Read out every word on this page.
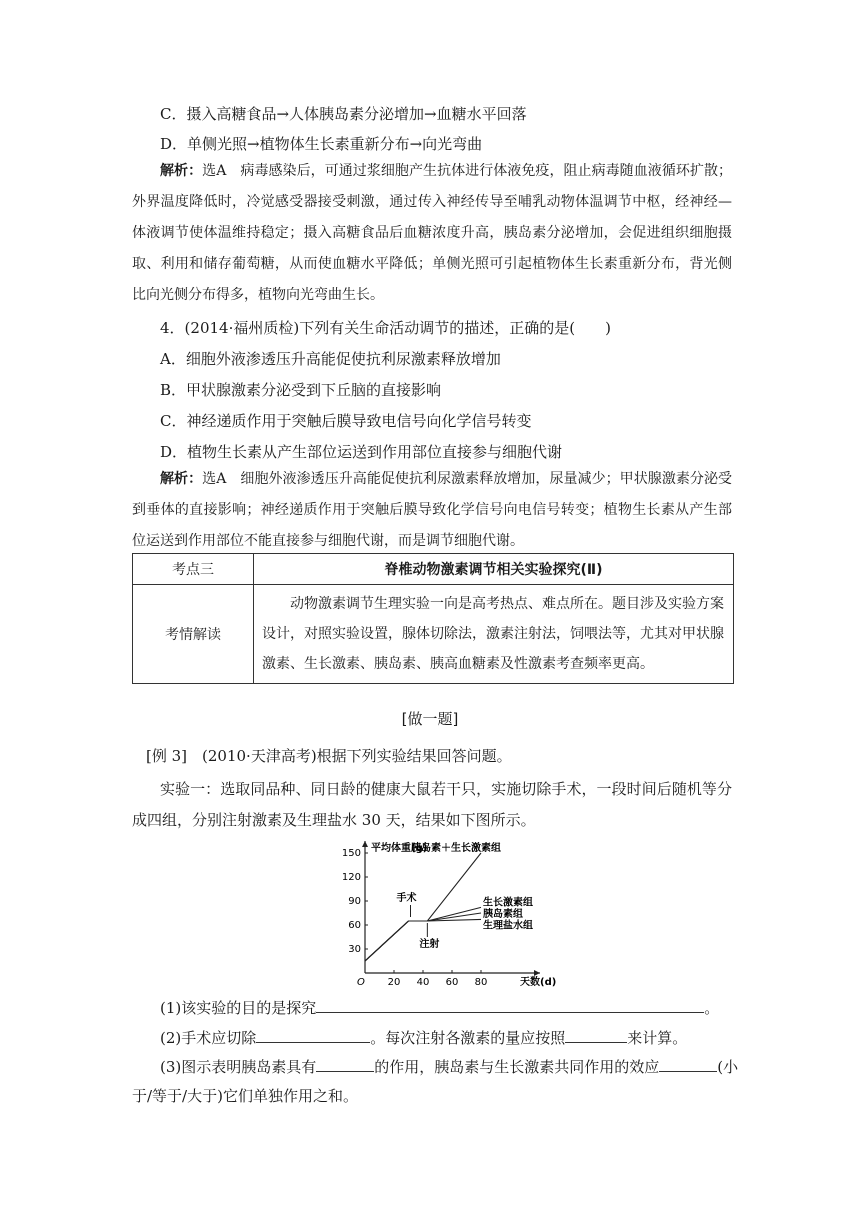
C．摄入高糖食品→人体胰岛素分泌增加→血糖水平回落
D．单侧光照→植物体生长素重新分布→向光弯曲
解析：选A　病毒感染后，可通过浆细胞产生抗体进行体液免疫，阻止病毒随血液循环扩散；外界温度降低时，冷觉感受器接受刺激，通过传入神经传导至哺乳动物体温调节中枢，经神经—体液调节使体温维持稳定；摄入高糖食品后血糖浓度升高，胰岛素分泌增加，会促进组织细胞摄取、利用和储存葡萄糖，从而使血糖水平降低；单侧光照可引起植物体生长素重新分布，背光侧比向光侧分布得多，植物向光弯曲生长。
4．(2014·福州质检)下列有关生命活动调节的描述，正确的是(　　)
A．细胞外液渗透压升高能促使抗利尿激素释放增加
B．甲状腺激素分泌受到下丘脑的直接影响
C．神经递质作用于突触后膜导致电信号向化学信号转变
D．植物生长素从产生部位运送到作用部位直接参与细胞代谢
解析：选A　细胞外液渗透压升高能促使抗利尿激素释放增加，尿量减少；甲状腺激素分泌受到垂体的直接影响；神经递质作用于突触后膜导致化学信号向电信号转变；植物生长素从产生部位运送到作用部位不能直接参与细胞代谢，而是调节细胞代谢。
考点三	脊椎动物激素调节相关实验探究(Ⅱ)
考情解读	动物激素调节生理实验一向是高考热点、难点所在。题目涉及实验方案设计，对照实验设置，腺体切除法，激素注射法，饲喂法等，尤其对甲状腺激素、生长激素、胰岛素、胰高血糖素及性激素考查频率更高。
[做一题]
[例 3]　(2010·天津高考)根据下列实验结果回答问题。
实验一：选取同品种、同日龄的健康大鼠若干只，实施切除手术，一段时间后随机等分成四组，分别注射激素及生理盐水 30 天，结果如下图所示。
O
平均体重(g)
天数(d)
20 40 60 80
30
60
90
120
150	胰岛素＋生长激素组
生长激素组
胰岛素组
生理盐水组
手术
注射
(1)该实验的目的是探究	。
(2)手术应切除	。每次注射各激素的量应按照	来计算。
(3)图示表明胰岛素具有	的作用，胰岛素与生长激素共同作用的效应	(小
于/等于/大于)它们单独作用之和。
